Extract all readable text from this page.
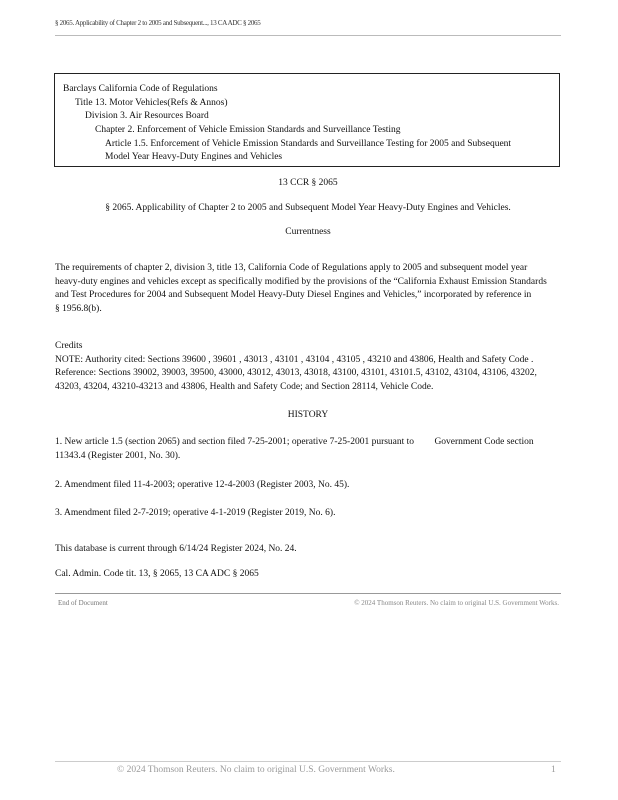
§ 2065. Applicability of Chapter 2 to 2005 and Subsequent..., 13 CA ADC § 2065
Barclays California Code of Regulations
Title 13. Motor Vehicles(Refs & Annos)
Division 3. Air Resources Board
Chapter 2. Enforcement of Vehicle Emission Standards and Surveillance Testing
Article 1.5. Enforcement of Vehicle Emission Standards and Surveillance Testing for 2005 and Subsequent
Model Year Heavy-Duty Engines and Vehicles
13 CCR § 2065
§ 2065. Applicability of Chapter 2 to 2005 and Subsequent Model Year Heavy-Duty Engines and Vehicles.
Currentness
The requirements of chapter 2, division 3, title 13, California Code of Regulations apply to 2005 and subsequent model year
heavy-duty engines and vehicles except as specifically modified by the provisions of the “California Exhaust Emission Standards
and Test Procedures for 2004 and Subsequent Model Heavy-Duty Diesel Engines and Vehicles,” incorporated by reference in
§ 1956.8(b).
Credits
NOTE: Authority cited: Sections 39600 , 39601 , 43013 , 43101 , 43104 , 43105 , 43210 and 43806, Health and Safety Code .
Reference: Sections 39002, 39003, 39500, 43000, 43012, 43013, 43018, 43100, 43101, 43101.5, 43102, 43104, 43106, 43202,
43203, 43204, 43210-43213 and 43806, Health and Safety Code; and Section 28114, Vehicle Code.
HISTORY
1. New article 1.5 (section 2065) and section filed 7-25-2001; operative 7-25-2001 pursuant to Government Code section
11343.4 (Register 2001, No. 30).
2. Amendment filed 11-4-2003; operative 12-4-2003 (Register 2003, No. 45).
3. Amendment filed 2-7-2019; operative 4-1-2019 (Register 2019, No. 6).
This database is current through 6/14/24 Register 2024, No. 24.
Cal. Admin. Code tit. 13, § 2065, 13 CA ADC § 2065
End of Document	© 2024 Thomson Reuters. No claim to original U.S. Government Works.
© 2024 Thomson Reuters. No claim to original U.S. Government Works.	1
